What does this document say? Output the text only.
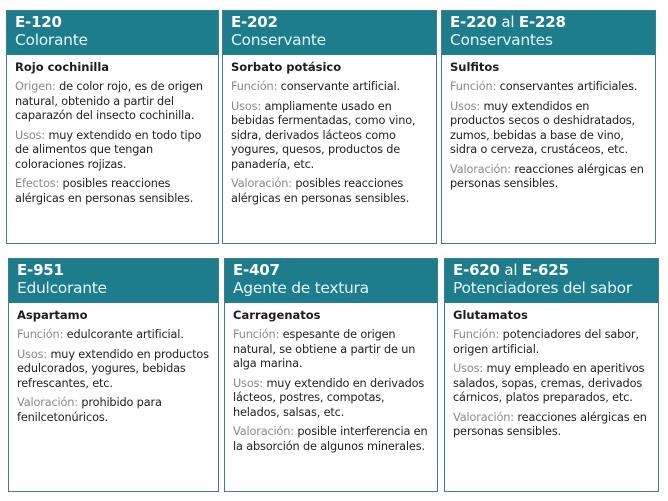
E-120
Colorante
Rojo cochinilla

Origen: de color rojo, es de origen natural, obtenido a partir del caparazón del insecto cochinilla.

Usos: muy extendido en todo tipo de alimentos que tengan coloraciones rojizas.

Efectos: posibles reacciones alérgicas en personas sensibles.

E-202
Conservante
Sorbato potásico

Función: conservante artificial.

Usos: ampliamente usado en bebidas fermentadas, como vino, sidra, derivados lácteos como yogures, quesos, productos de panadería, etc.

Valoración: posibles reacciones alérgicas en personas sensibles.

E-220 al E-228
Conservantes
Sulfitos

Función: conservantes artificiales.

Usos: muy extendidos en productos secos o deshidratados, zumos, bebidas a base de vino, sidra o cerveza, crustáceos, etc.

Valoración: reacciones alérgicas en personas sensibles.

E-951
Edulcorante
Aspartamo

Función: edulcorante artificial.

Usos: muy extendido en productos edulcorados, yogures, bebidas refrescantes, etc.

Valoración: prohibido para fenilcetonúricos.

E-407
Agente de textura
Carragenatos

Función: espesante de origen natural, se obtiene a partir de un alga marina.

Usos: muy extendido en derivados lácteos, postres, compotas, helados, salsas, etc.

Valoración: posible interferencia en la absorción de algunos minerales.

E-620 al E-625
Potenciadores del sabor
Glutamatos

Función: potenciadores del sabor, origen artificial.

Usos: muy empleado en aperitivos salados, sopas, cremas, derivados cárnicos, platos preparados, etc.

Valoración: reacciones alérgicas en personas sensibles.
